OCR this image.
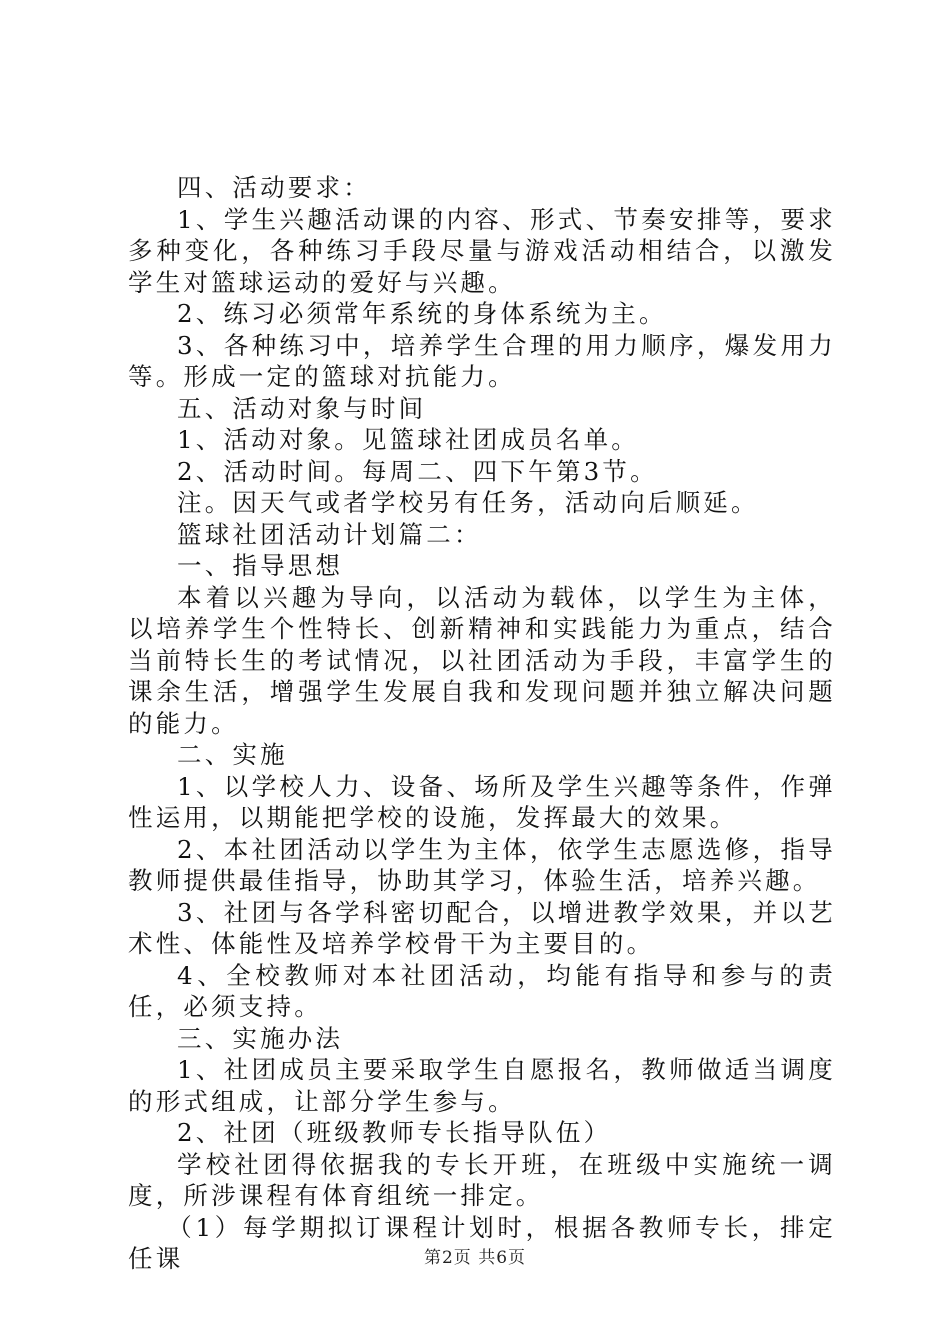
四、活动要求：

1、学生兴趣活动课的内容、形式、节奏安排等，要求多种变化，各种练习手段尽量与游戏活动相结合，以激发学生对篮球运动的爱好与兴趣。

2、练习必须常年系统的身体系统为主。

3、各种练习中，培养学生合理的用力顺序，爆发用力等。形成一定的篮球对抗能力。

五、活动对象与时间

1、活动对象。见篮球社团成员名单。

2、活动时间。每周二、四下午第3节。

注。因天气或者学校另有任务，活动向后顺延。

篮球社团活动计划篇二：

一、指导思想

本着以兴趣为导向，以活动为载体，以学生为主体，以培养学生个性特长、创新精神和实践能力为重点，结合当前特长生的考试情况，以社团活动为手段，丰富学生的课余生活，增强学生发展自我和发现问题并独立解决问题的能力。

二、实施

1、以学校人力、设备、场所及学生兴趣等条件，作弹性运用，以期能把学校的设施，发挥最大的效果。

2、本社团活动以学生为主体，依学生志愿选修，指导教师提供最佳指导，协助其学习，体验生活，培养兴趣。

3、社团与各学科密切配合，以增进教学效果，并以艺术性、体能性及培养学校骨干为主要目的。

4、全校教师对本社团活动，均能有指导和参与的责任，必须支持。

三、实施办法

1、社团成员主要采取学生自愿报名，教师做适当调度的形式组成，让部分学生参与。

2、社团（班级教师专长指导队伍）

学校社团得依据我的专长开班，在班级中实施统一调度，所涉课程有体育组统一排定。

（1）每学期拟订课程计划时，根据各教师专长，排定任课	第2页 共6页
